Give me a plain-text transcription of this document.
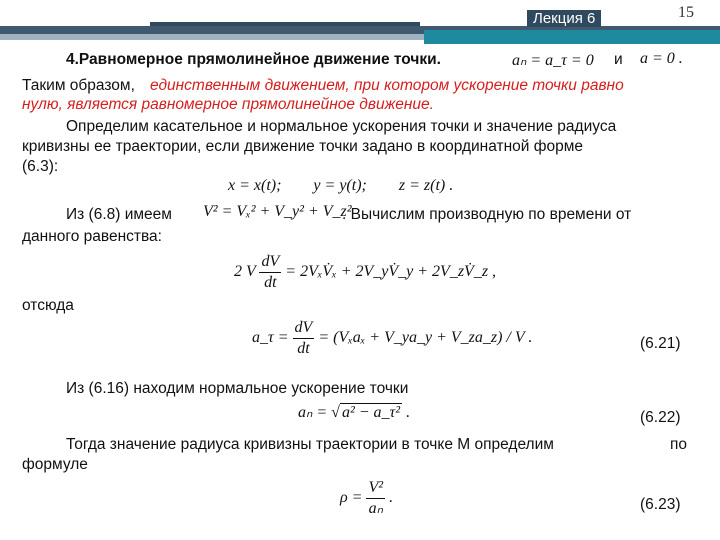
Лекция 6	15
4.Равномерное прямолинейное движение точки.	aₙ = a_τ = 0 и a = 0 .
Таким образом, единственным движением, при котором ускорение точки равно
нулю, является равномерное прямолинейное движение.
Определим касательное и нормальное ускорения точки и значение радиуса
кривизны ее траектории, если движение точки задано в координатной форме
(6.3):
x = x(t);        y = y(t);        z = z(t) .
Из (6.8) имеем V² = Vₓ² + V_y² + V_z²
. Вычислим производную по времени от
данного равенства:
2 V $\frac{dV}{dt}$ = 2VₓV̇ₓ + 2V_yV̇_y + 2V_zV̇_z ,
отсюда
a_τ = $\frac{dV}{dt} = (V_xa_x$ + V_ya_y + V_za_z) / V .	(6.21)
Из (6.16) находим нормальное ускорение точки
aₙ = √ a² − a_τ² .	(6.22)
Тогда значение радиуса кривизны траектории в точке M определим	по
формуле
$\rho = \frac{\text{V²}}{\text{aₙ}}$ .	(6.23)
